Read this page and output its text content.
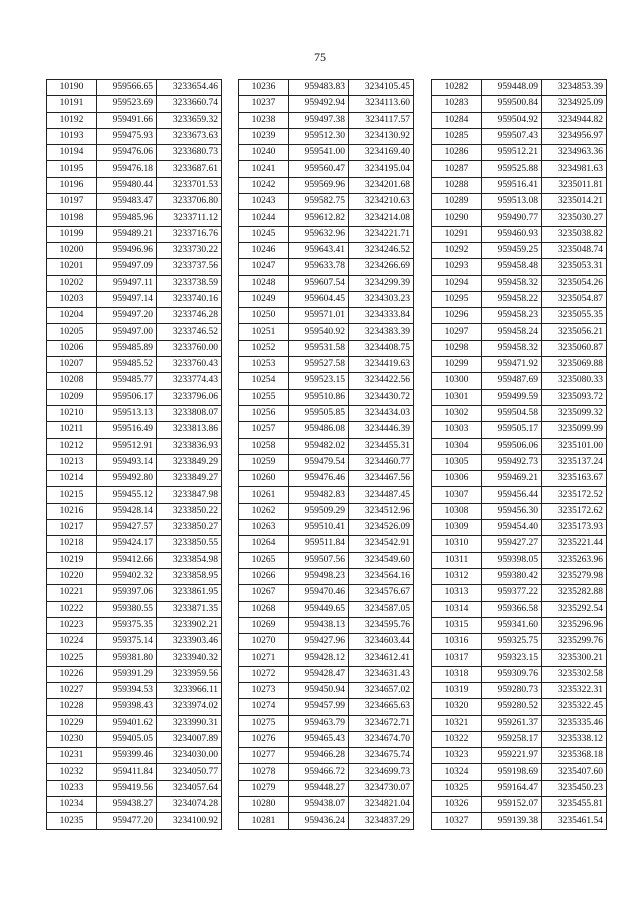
75
10190	959566.65	3233654.46
10191	959523.69	3233660.74
10192	959491.66	3233659.32
10193	959475.93	3233673.63
10194	959476.06	3233680.73
10195	959476.18	3233687.61
10196	959480.44	3233701.53
10197	959483.47	3233706.80
10198	959485.96	3233711.12
10199	959489.21	3233716.76
10200	959496.96	3233730.22
10201	959497.09	3233737.56
10202	959497.11	3233738.59
10203	959497.14	3233740.16
10204	959497.20	3233746.28
10205	959497.00	3233746.52
10206	959485.89	3233760.00
10207	959485.52	3233760.43
10208	959485.77	3233774.43
10209	959506.17	3233796.06
10210	959513.13	3233808.07
10211	959516.49	3233813.86
10212	959512.91	3233836.93
10213	959493.14	3233849.29
10214	959492.80	3233849.27
10215	959455.12	3233847.98
10216	959428.14	3233850.22
10217	959427.57	3233850.27
10218	959424.17	3233850.55
10219	959412.66	3233854.98
10220	959402.32	3233858.95
10221	959397.06	3233861.95
10222	959380.55	3233871.35
10223	959375.35	3233902.21
10224	959375.14	3233903.46
10225	959381.80	3233940.32
10226	959391.29	3233959.56
10227	959394.53	3233966.11
10228	959398.43	3233974.02
10229	959401.62	3233990.31
10230	959405.05	3234007.89
10231	959399.46	3234030.00
10232	959411.84	3234050.77
10233	959419.56	3234057.64
10234	959438.27	3234074.28
10235	959477.20	3234100.92
10236	959483.83	3234105.45
10237	959492.94	3234113.60
10238	959497.38	3234117.57
10239	959512.30	3234130.92
10240	959541.00	3234169.40
10241	959560.47	3234195.04
10242	959569.96	3234201.68
10243	959582.75	3234210.63
10244	959612.82	3234214.08
10245	959632.96	3234221.71
10246	959643.41	3234246.52
10247	959633.78	3234266.69
10248	959607.54	3234299.39
10249	959604.45	3234303.23
10250	959571.01	3234333.84
10251	959540.92	3234383.39
10252	959531.58	3234408.75
10253	959527.58	3234419.63
10254	959523.15	3234422.56
10255	959510.86	3234430.72
10256	959505.85	3234434.03
10257	959486.08	3234446.39
10258	959482.02	3234455.31
10259	959479.54	3234460.77
10260	959476.46	3234467.56
10261	959482.83	3234487.45
10262	959509.29	3234512.96
10263	959510.41	3234526.09
10264	959511.84	3234542.91
10265	959507.56	3234549.60
10266	959498.23	3234564.16
10267	959470.46	3234576.67
10268	959449.65	3234587.05
10269	959438.13	3234595.76
10270	959427.96	3234603.44
10271	959428.12	3234612.41
10272	959428.47	3234631.43
10273	959450.94	3234657.02
10274	959457.99	3234665.63
10275	959463.79	3234672.71
10276	959465.43	3234674.70
10277	959466.28	3234675.74
10278	959466.72	3234699.73
10279	959448.27	3234730.07
10280	959438.07	3234821.04
10281	959436.24	3234837.29
10282	959448.09	3234853.39
10283	959500.84	3234925.09
10284	959504.92	3234944.82
10285	959507.43	3234956.97
10286	959512.21	3234963.36
10287	959525.88	3234981.63
10288	959516.41	3235011.81
10289	959513.08	3235014.21
10290	959490.77	3235030.27
10291	959460.93	3235038.82
10292	959459.25	3235048.74
10293	959458.48	3235053.31
10294	959458.32	3235054.26
10295	959458.22	3235054.87
10296	959458.23	3235055.35
10297	959458.24	3235056.21
10298	959458.32	3235060.87
10299	959471.92	3235069.88
10300	959487.69	3235080.33
10301	959499.59	3235093.72
10302	959504.58	3235099.32
10303	959505.17	3235099.99
10304	959506.06	3235101.00
10305	959492.73	3235137.24
10306	959469.21	3235163.67
10307	959456.44	3235172.52
10308	959456.30	3235172.62
10309	959454.40	3235173.93
10310	959427.27	3235221.44
10311	959398.05	3235263.96
10312	959380.42	3235279.98
10313	959377.22	3235282.88
10314	959366.58	3235292.54
10315	959341.60	3235296.96
10316	959325.75	3235299.76
10317	959323.15	3235300.21
10318	959309.76	3235302.58
10319	959280.73	3235322.31
10320	959280.52	3235322.45
10321	959261.37	3235335.46
10322	959258.17	3235338.12
10323	959221.97	3235368.18
10324	959198.69	3235407.60
10325	959164.47	3235450.23
10326	959152.07	3235455.81
10327	959139.38	3235461.54
